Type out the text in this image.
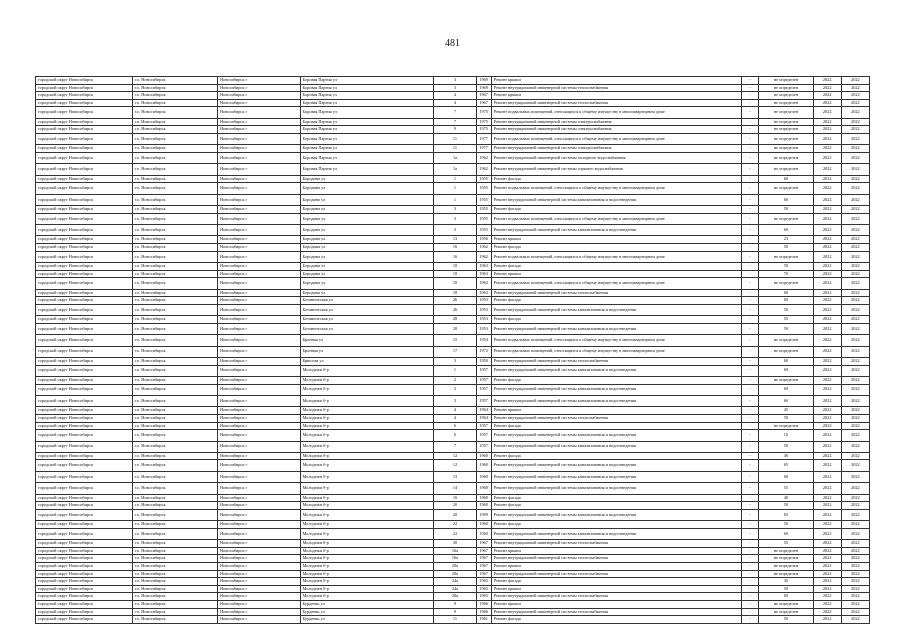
481
городской округ Новосибирск	г.о. Новосибирск	Новосибирск г	Боровая Партия ул	3	1969	Ремонт крыши	-	не определен	2022	2022
городской округ Новосибирск	г.о. Новосибирск	Новосибирск г	Боровая Партия ул	3	1969	Ремонт внутридомовой инженерной системы теплоснабжения	-	не определен	2022	2022
городской округ Новосибирск	г.о. Новосибирск	Новосибирск г	Боровая Партия ул	4	1967	Ремонт крыши	-	не определен	2022	2022
городской округ Новосибирск	г.о. Новосибирск	Новосибирск г	Боровая Партия ул	4	1967	Ремонт внутридомовой инженерной системы теплоснабжения	-	не определен	2022	2022
городской округ Новосибирск	г.о. Новосибирск	Новосибирск г	Боровая Партия ул	7	1975	Ремонт подвальных помещений, относящихся к общему имуществу в многоквартирном доме	-	не определен	2022	2022
городской округ Новосибирск	г.о. Новосибирск	Новосибирск г	Боровая Партия ул	7	1975	Ремонт внутридомовой инженерной системы электроснабжения	-	не определен	2022	2022
городской округ Новосибирск	г.о. Новосибирск	Новосибирск г	Боровая Партия ул	9	1975	Ремонт внутридомовой инженерной системы электроснабжения	-	не определен	2022	2022
городской округ Новосибирск	г.о. Новосибирск	Новосибирск г	Боровая Партия ул	11	1977	Ремонт подвальных помещений, относящихся к общему имуществу в многоквартирном доме	-	не определен	2022	2022
городской округ Новосибирск	г.о. Новосибирск	Новосибирск г	Боровая Партия ул	11	1977	Ремонт внутридомовой инженерной системы электроснабжения	-	не определен	2022	2022
городской округ Новосибирск	г.о. Новосибирск	Новосибирск г	Боровая Партия ул	1а	1962	Ремонт внутридомовой инженерной системы холодного водоснабжения	-	не определен	2022	2022
городской округ Новосибирск	г.о. Новосибирск	Новосибирск г	Боровая Партия ул	1а	1962	Ремонт внутридомовой инженерной системы горячего водоснабжения	-	не определен	2022	2022
городской округ Новосибирск	г.о. Новосибирск	Новосибирск г	Бородина ул	1	1955	Ремонт фасада	-	60	2022	2022
городской округ Новосибирск	г.о. Новосибирск	Новосибирск г	Бородина ул	1	1955	Ремонт подвальных помещений, относящихся к общему имуществу в многоквартирном доме	-	не определен	2022	2022
городской округ Новосибирск	г.о. Новосибирск	Новосибирск г	Бородина ул	1	1955	Ремонт внутридомовой инженерной системы канализования и водоотведения	-	60	2022	2022
городской округ Новосибирск	г.о. Новосибирск	Новосибирск г	Бородина ул	3	1955	Ремонт фасада	-	50	2022	2022
городской округ Новосибирск	г.о. Новосибирск	Новосибирск г	Бородина ул	3	1955	Ремонт подвальных помещений, относящихся к общему имуществу в многоквартирном доме	-	не определен	2022	2022
городской округ Новосибирск	г.о. Новосибирск	Новосибирск г	Бородина ул	3	1955	Ремонт внутридомовой инженерной системы канализования и водоотведения	-	60	2022	2022
городской округ Новосибирск	г.о. Новосибирск	Новосибирск г	Бородина ул	13	1956	Ремонт крыши	-	23	2022	2022
городской округ Новосибирск	г.о. Новосибирск	Новосибирск г	Бородина ул	16	1962	Ремонт фасада	-	50	2022	2022
городской округ Новосибирск	г.о. Новосибирск	Новосибирск г	Бородина ул	16	1962	Ремонт подвальных помещений, относящихся к общему имуществу в многоквартирном доме	-	не определен	2022	2022
городской округ Новосибирск	г.о. Новосибирск	Новосибирск г	Бородина ул	18	1963	Ремонт фасада	-	50	2022	2022
городской округ Новосибирск	г.о. Новосибирск	Новосибирск г	Бородина ул	18	1963	Ремонт крыши	-	70	2022	2022
городской округ Новосибирск	г.о. Новосибирск	Новосибирск г	Бородина ул	18	1963	Ремонт подвальных помещений, относящихся к общему имуществу в многоквартирном доме	-	не определен	2022	2022
городской округ Новосибирск	г.о. Новосибирск	Новосибирск г	Бородина ул	18	1963	Ремонт внутридомовой инженерной системы теплоснабжения	-	60	2022	2022
городской округ Новосибирск	г.о. Новосибирск	Новосибирск г	Ботаническая ул	26	1953	Ремонт фасада	-	60	2022	2022
городской округ Новосибирск	г.о. Новосибирск	Новосибирск г	Ботаническая ул	26	1953	Ремонт внутридомовой инженерной системы канализования и водоотведения	-	50	2022	2022
городской округ Новосибирск	г.о. Новосибирск	Новосибирск г	Ботаническая ул	28	1953	Ремонт фасада	-	55	2022	2022
городской округ Новосибирск	г.о. Новосибирск	Новосибирск г	Ботаническая ул	28	1953	Ремонт внутридомовой инженерной системы канализования и водоотведения	-	50	2022	2022
городской округ Новосибирск	г.о. Новосибирск	Новосибирск г	Бронная ул	15	1954	Ремонт подвальных помещений, относящихся к общему имуществу в многоквартирном доме	-	не определен	2022	2022
городской округ Новосибирск	г.о. Новосибирск	Новосибирск г	Бронная ул	17	1972	Ремонт подвальных помещений, относящихся к общему имуществу в многоквартирном доме	-	не определен	2022	2022
городской округ Новосибирск	г.о. Новосибирск	Новосибирск г	Брюсова ул	3	1950	Ремонт внутридомовой инженерной системы теплоснабжения	-	60	2022	2022
городской округ Новосибирск	г.о. Новосибирск	Новосибирск г	Молодежи б-р	1	1957	Ремонт внутридомовой инженерной системы канализования и водоотведения	-	60	2022	2022
городской округ Новосибирск	г.о. Новосибирск	Новосибирск г	Молодежи б-р	2	1957	Ремонт фасада	-	не определен	2022	2022
городской округ Новосибирск	г.о. Новосибирск	Новосибирск г	Молодежи б-р	2	1957	Ремонт внутридомовой инженерной системы канализования и водоотведения	-	60	2022	2022
городской округ Новосибирск	г.о. Новосибирск	Новосибирск г	Молодежи б-р	3	1957	Ремонт внутридомовой инженерной системы канализования и водоотведения	-	60	2022	2022
городской округ Новосибирск	г.о. Новосибирск	Новосибирск г	Молодежи б-р	4	1964	Ремонт крыши	-	45	2022	2022
городской округ Новосибирск	г.о. Новосибирск	Новосибирск г	Молодежи б-р	4	1964	Ремонт внутридомовой инженерной системы теплоснабжения	-	50	2022	2022
городской округ Новосибирск	г.о. Новосибирск	Новосибирск г	Молодежи б-р	6	1957	Ремонт фасада	-	не определен	2022	2022
городской округ Новосибирск	г.о. Новосибирск	Новосибирск г	Молодежи б-р	6	1957	Ремонт внутридомовой инженерной системы канализования и водоотведения	-	10	2022	2022
городской округ Новосибирск	г.о. Новосибирск	Новосибирск г	Молодежи б-р	7	1957	Ремонт внутридомовой инженерной системы канализования и водоотведения	-	50	2022	2022
городской округ Новосибирск	г.о. Новосибирск	Новосибирск г	Молодежи б-р	12	1960	Ремонт фасада	-	40	2022	2022
городской округ Новосибирск	г.о. Новосибирск	Новосибирск г	Молодежи б-р	12	1960	Ремонт внутридомовой инженерной системы канализования и водоотведения	-	65	2022	2022
городской округ Новосибирск	г.о. Новосибирск	Новосибирск г	Молодежи б-р	13	1960	Ремонт внутридомовой инженерной системы канализования и водоотведения	-	60	2022	2022
городской округ Новосибирск	г.о. Новосибирск	Новосибирск г	Молодежи б-р	14	1960	Ремонт внутридомовой инженерной системы канализования и водоотведения	-	55	2022	2022
городской округ Новосибирск	г.о. Новосибирск	Новосибирск г	Молодежи б-р	16	1960	Ремонт фасада	-	40	2022	2022
городской округ Новосибирск	г.о. Новосибирск	Новосибирск г	Молодежи б-р	20	1969	Ремонт фасада	-	50	2022	2022
городской округ Новосибирск	г.о. Новосибирск	Новосибирск г	Молодежи б-р	20	1969	Ремонт внутридомовой инженерной системы канализования и водоотведения	-	65	2022	2022
городской округ Новосибирск	г.о. Новосибирск	Новосибирск г	Молодежи б-р	22	1960	Ремонт фасада	-	50	2022	2022
городской округ Новосибирск	г.о. Новосибирск	Новосибирск г	Молодежи б-р	22	1960	Ремонт внутридомовой инженерной системы канализования и водоотведения	-	60	2022	2022
городской округ Новосибирск	г.о. Новосибирск	Новосибирск г	Молодежи б-р	30	1967	Ремонт внутридомовой инженерной системы теплоснабжения	-	55	2022	2022
городской округ Новосибирск	г.о. Новосибирск	Новосибирск г	Молодежи б-р	16а	1967	Ремонт крыши	-	не определен	2022	2022
городской округ Новосибирск	г.о. Новосибирск	Новосибирск г	Молодежи б-р	16а	1967	Ремонт внутридомовой инженерной системы теплоснабжения	-	не определен	2022	2022
городской округ Новосибирск	г.о. Новосибирск	Новосибирск г	Молодежи б-р	20а	1967	Ремонт крыши	-	не определен	2022	2022
городской округ Новосибирск	г.о. Новосибирск	Новосибирск г	Молодежи б-р	20а	1967	Ремонт внутридомовой инженерной системы теплоснабжения	-	не определен	2022	2022
городской округ Новосибирск	г.о. Новосибирск	Новосибирск г	Молодежи б-р	24а	1965	Ремонт фасада	-	45	2022	2022
городской округ Новосибирск	г.о. Новосибирск	Новосибирск г	Молодежи б-р	24а	1965	Ремонт крыши	-	50	2022	2022
городской округ Новосибирск	г.о. Новосибирск	Новосибирск г	Молодежи б-р	28а	1965	Ремонт внутридомовой инженерной системы теплоснабжения	-	60	2022	2022
городской округ Новосибирск	г.о. Новосибирск	Новосибирск г	Бурденко ул	9	1966	Ремонт крыши	-	не определен	2022	2022
городской округ Новосибирск	г.о. Новосибирск	Новосибирск г	Бурденко ул	9	1966	Ремонт внутридомовой инженерной системы теплоснабжения	-	не определен	2022	2022
городской округ Новосибирск	г.о. Новосибирск	Новосибирск г	Бурденко ул	11	1961	Ремонт фасада	-	50	2022	2022
